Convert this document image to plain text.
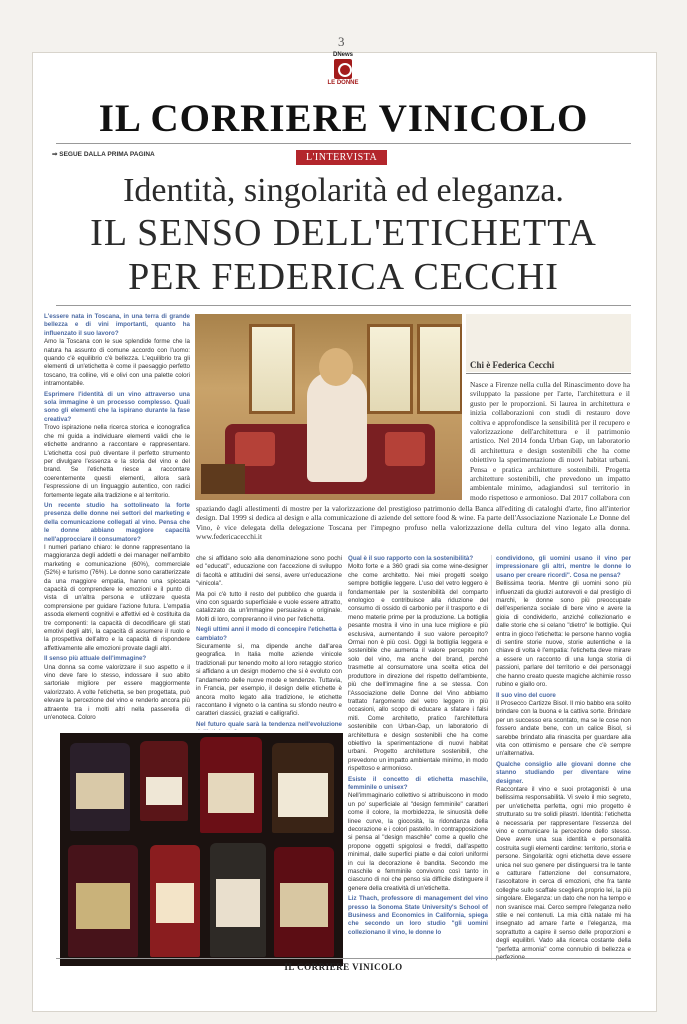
3
DNews
LE DONNE
IL CORRIERE VINICOLO
⇒ SEGUE DALLA PRIMA PAGINA	L'INTERVISTA
Identità, singolarità ed eleganza.
IL SENSO DELL'ETICHETTA
PER FEDERICA CECCHI

L'essere nata in Toscana, in una terra di grande bellezza e di vini importanti, quanto ha influenzato il suo lavoro?
Amo la Toscana con le sue splendide forme che la natura ha assunto di comune accordo con l'uomo: quando c'è equilibrio c'è bellezza. L'equilibrio tra gli elementi di un'etichetta è come il paesaggio perfetto toscano, tra colline, viti e olivi con una palette colori intramontabile.

Esprimere l'identità di un vino attraverso una sola immagine è un processo complesso. Quali sono gli elementi che la ispirano durante la fase creativa?
Trovo ispirazione nella ricerca storica e iconografica che mi guida a individuare elementi validi che le etichette andranno a raccontare e rappresentare. L'etichetta così può diventare il perfetto strumento per divulgare l'essenza e la storia del vino e del brand. Se l'etichetta riesce a raccontare coerentemente questi elementi, allora sarà l'espressione di un linguaggio autentico, con radici fortemente legate alla tradizione e al territorio.

Un recente studio ha sottolineato la forte presenza delle donne nei settori del marketing e della comunicazione collegati al vino. Pensa che le donne abbiano maggiore capacità nell'approcciare il consumatore?
I numeri parlano chiaro: le donne rappresentano la maggioranza degli addetti e dei manager nell'ambito marketing e comunicazione (60%), commerciale (52%) e turismo (76%). Le donne sono caratterizzate da una maggiore empatia, hanno una spiccata capacità di comprendere le emozioni e il punto di vista di un'altra persona e utilizzare questa comprensione per guidare l'azione futura. L'empatia assoda elementi cognitivi e affettivi ed è costituita da tre componenti: la capacità di decodificare gli stati emotivi degli altri, la capacità di assumere il ruolo e la prospettiva dell'altro e la capacità di rispondere affettivamente alle emozioni provate dagli altri.

Il senso più attuale dell'immagine?
Una donna sa come valorizzare il suo aspetto e il vino deve fare lo stesso, indossare il suo abito sartoriale migliore per essere maggiormente valorizzato. A volte l'etichetta, se ben progettata, può elevare la percezione del vino e renderlo ancora più attraente tra i molti altri nella passerella di un'enoteca. Coloro

Chi è Federica Cecchi
Nasce a Firenze nella culla del Rinascimento dove ha sviluppato la passione per l'arte, l'architettura e il gusto per le proporzioni. Si laurea in architettura e inizia collaborazioni con studi di restauro dove coltiva e approfondisce la sensibilità per il recupero e valorizzazione dell'architettura e il patrimonio artistico. Nel 2014 fonda Urban Gap, un laboratorio di architettura e design sostenibili che ha come obiettivo la sperimentazione di nuovi habitat urbani. Pensa e pratica architetture sostenibili. Progetta architetture sostenibili, che prevedono un impatto ambientale minimo, adagiandosi sul territorio in modo rispettoso e armonioso. Dal 2017 collabora con
spaziando dagli allestimenti di mostre per la valorizzazione del prestigioso patrimonio della Banca all'editing di cataloghi d'arte, fino all'interior design. Dal 1999 si dedica al design e alla comunicazione di aziende del settore food & wine. Fa parte dell'Associazione Nazionale Le Donne del Vino, è vice delegata della delegazione Toscana per l'impegno profuso nella valorizzazione della cultura del vino legato alla donna. www.federicacecchi.it

che si affidano solo alla denominazione sono pochi ed "educati", educazione con l'accezione di sviluppo di facoltà e attitudini dei sensi, avere un'educazione "vinicola".

Ma poi c'è tutto il resto del pubblico che guarda il vino con sguardo superficiale e vuole essere attratto, catalizzato da un'immagine persuasiva e originale. Molti di loro, compreranno il vino per l'etichetta.

Negli ultimi anni il modo di concepire l'etichetta è cambiato?
Sicuramente sì, ma dipende anche dall'area geografica. In Italia molte aziende vinicole tradizionali pur tenendo molto al loro retaggio storico si affidano a un design moderno che si è evoluto con l'andamento delle nuove mode e tendenze. Tuttavia, in Francia, per esempio, il design delle etichette è ancora molto legato alla tradizione, le etichette raccontano il vigneto o la cantina su sfondo neutro e caratteri classici, graziati e calligrafici.

Nel futuro quale sarà la tendenza nell'evoluzione

Qual è il suo rapporto con la sostenibilità?
Molto forte e a 360 gradi sia come wine-designer che come architetto. Nei miei progetti scelgo sempre bottiglie leggere. L'uso del vetro leggero è fondamentale per la sostenibilità del comparto enologico e contribuisce alla riduzione del consumo di ossido di carbonio per il trasporto e di meno materie prime per la produzione. La bottiglia pesante mostra il vino in una luce migliore e più esclusiva, aumentando il suo valore percepito? Ormai non è più così. Oggi la bottiglia leggera e sostenibile che aumenta il valore percepito non solo del vino, ma anche del brand, perché trasmette al consumatore una scelta etica del produttore in direzione del rispetto dell'ambiente, più che dell'immagine fine a se stessa. Con l'Associazione delle Donne del Vino abbiamo trattato l'argomento del vetro leggero in più occasioni, allo scopo di educare a sfatare i falsi miti. Come architetto, pratico l'architettura sostenibile con Urban-Gap, un laboratorio di architettura e design sostenibili che ha come obiettivo la sperimentazione di nuovi habitat urbani. Progetto architetture sostenibili, che prevedono un impatto ambientale minimo, in modo rispettoso e armonioso.

Esiste il concetto di etichetta maschile, femminile o unisex?
Nell'immaginario collettivo si attribuiscono in modo un po' superficiale al "design femminile" caratteri come il colore, la morbidezza, le sinuosità delle linee curve, la giocosità, la ridondanza della decorazione e i colori pastello. In contrapposizione si pensa al "design maschile" come a quello che propone oggetti spigolosi e freddi, dall'aspetto minimal, dalle superfici piatte e dai colori uniformi in cui la decorazione è bandita. Secondo me maschile e femminile convivono così tanto in ciascuno di noi che penso sia difficile distinguere il genere della creatività di un'etichetta.

Liz Thach, professore di management del vino presso la Sonoma State University's School of Business and Economics in California, spiega che secondo un loro studio "gli uomini collezionano il vino, le donne lo

condividono, gli uomini usano il vino per impressionare gli altri, mentre le donne lo usano per creare ricordi". Cosa ne pensa?
Bellissima teoria. Mentre gli uomini sono più influenzati da giudizi autorevoli e dal prestigio di marchi, le donne sono più preoccupate dell'esperienza sociale di bere vino e avere la gioia di condividerlo, anziché collezionarlo e dalle storie che si celano "dietro" le bottiglie. Qui entra in gioco l'etichetta: le persone hanno voglia di sentire storie nuove, storie autentiche e la chiave di volta è l'empatia: l'etichetta deve mirare a essere un racconto di una lunga storia di passioni, parlare del territorio e dei personaggi che hanno creato queste magiche alchimie rosso rubino e giallo oro.

Il suo vino del cuore
Il Prosecco Cartizze Bisol. Il mio babbo era solito brindare con la buona e la cattiva sorte. Brindare per un successo era scontato, ma se le cose non fossero andate bene, con un calice Bisol, si sarebbe brindato alla rinascita per guardare alla vita con ottimismo e pensare che c'è sempre un'alternativa.

Qualche consiglio alle giovani donne che stanno studiando per diventare wine designer.
Raccontare il vino e suoi protagonisti è una bellissima responsabilità. Vi svelo il mio segreto, per un'etichetta perfetta, ogni mio progetto è strutturato su tre solidi pilastri. Identità: l'etichetta è necessaria per rappresentare l'essenza del vino e comunicare la percezione dello stesso. Deve avere una sua identità e personalità costruita sugli elementi cardine: territorio, storia e persone. Singolarità: ogni etichetta deve essere unica nel suo genere per distinguersi tra le tante e catturare l'attenzione del consumatore, l'ascoltatore in cerca di emozioni, che fra tante colleghe sullo scaffale sceglierà proprio lei, la più singolare. Eleganza: un dato che non ha tempo e non svanisce mai. Cerco sempre l'eleganza nello stile e nei contenuti. La mia città natale mi ha insegnato ad amare l'arte e l'eleganza, ma soprattutto a capire il senso delle proporzioni e degli equilibri. Vado alla ricerca costante della "perfetta armonia" come connubio di bellezza e

IL CORRIERE VINICOLO
